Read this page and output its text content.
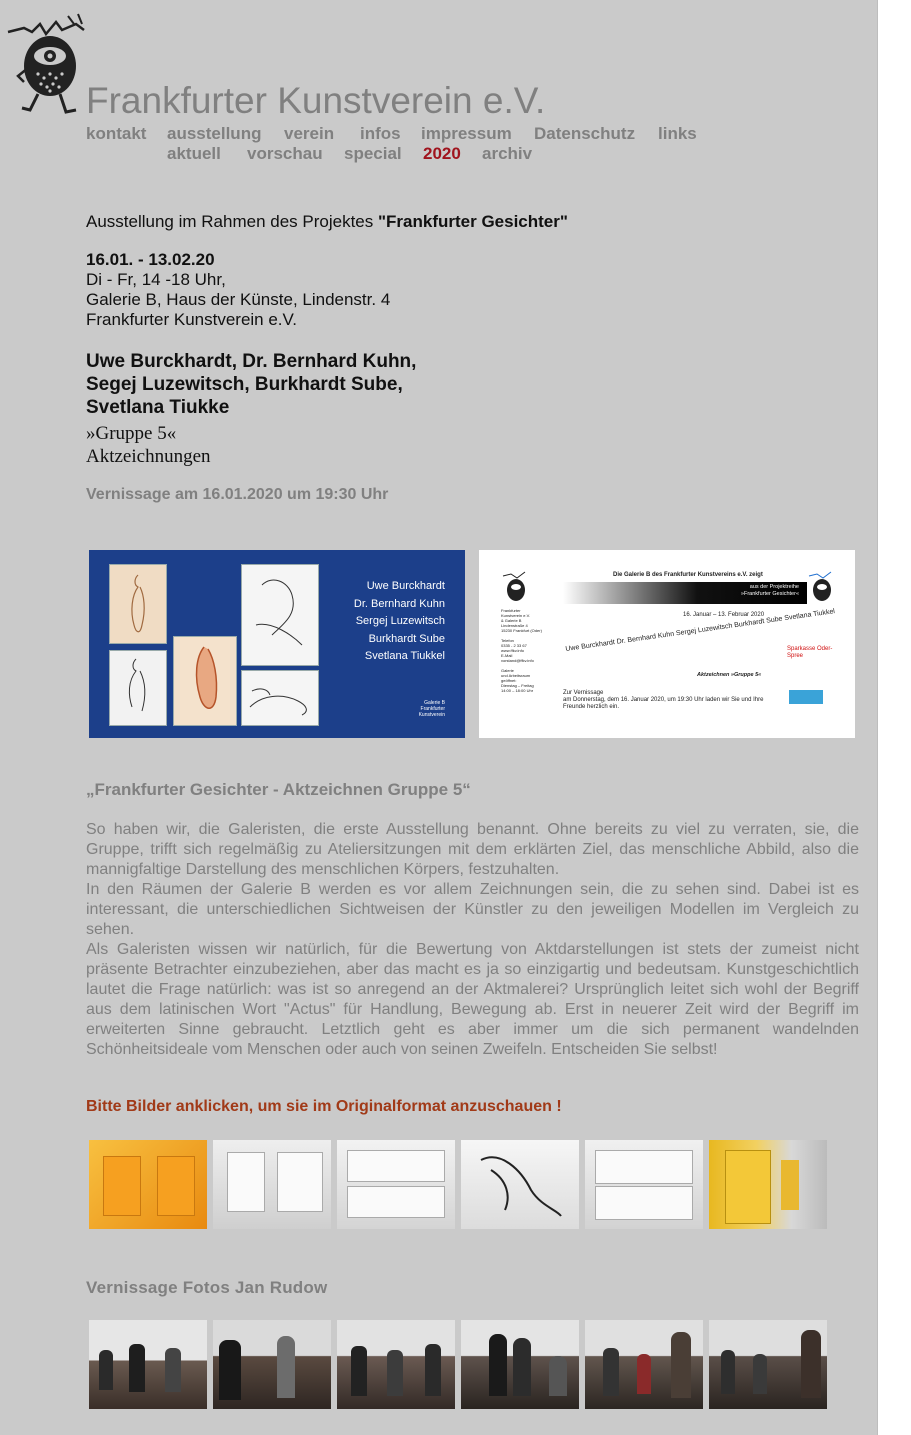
Frankfurter Kunstverein e.V.
kontakt ausstellung verein infos impressum Datenschutz links
aktuell vorschau special 2020 archiv
Ausstellung im Rahmen des Projektes "Frankfurter Gesichter"
16.01. - 13.02.20
Di - Fr, 14 -18 Uhr,
Galerie B, Haus der Künste, Lindenstr. 4
Frankfurter Kunstverein e.V.
Uwe Burckhardt, Dr. Bernhard Kuhn,
Segej Luzewitsch, Burkhardt Sube,
Svetlana Tiukke
»Gruppe 5«
Aktzeichnungen
Vernissage am 16.01.2020 um 19:30 Uhr
Uwe Burckhardt
Dr. Bernhard Kuhn
Sergej Luzewitsch
Burkhardt Sube
Svetlana Tiukkel
Galerie B
Frankfurter
Kunstverein
Die Galerie B des Frankfurter Kunstvereins e.V. zeigt
aus der Projektreihe
»Frankfurter Gesichter«
16. Januar – 13. Februar 2020
Frankfurter
Kunstverein e.V.
& Galerie B
Lindenstraße 4
15230 Frankfurt (Oder)

Telefon
0335 - 2 33 67
www.ffkv.info
E-Mail
vorstand@ffkv.info

Galerie
und Arbeitsraum
geöffnet:
Dienstag – Freitag
14:00 – 18:00 Uhr
Uwe Burckhardt Dr. Bernhard Kuhn Sergej Luzewitsch Burkhardt Sube Svetlana Tiukkel
Aktzeichnen »Gruppe 5«
Zur Vernissage
am Donnerstag, dem 16. Januar 2020, um 19:30 Uhr laden wir Sie und Ihre Freunde herzlich ein.
Sparkasse Oder-Spree
„Frankfurter Gesichter - Aktzeichnen Gruppe 5“

So haben wir, die Galeristen, die erste Ausstellung benannt. Ohne bereits zu viel zu verraten, sie, die Gruppe, trifft sich regelmäßig zu Ateliersitzungen mit dem erklärten Ziel, das menschliche Abbild, also die mannigfaltige Darstellung des menschlichen Körpers, festzuhalten.

In den Räumen der Galerie B werden es vor allem Zeichnungen sein, die zu sehen sind. Dabei ist es interessant, die unterschiedlichen Sichtweisen der Künstler zu den jeweiligen Modellen im Vergleich zu sehen.

Als Galeristen wissen wir natürlich, für die Bewertung von Aktdarstellungen ist stets der zumeist nicht präsente Betrachter einzubeziehen, aber das macht es ja so einzigartig und bedeutsam. Kunstgeschichtlich lautet die Frage natürlich: was ist so anregend an der Aktmalerei? Ursprünglich leitet sich wohl der Begriff aus dem latinischen Wort "Actus" für Handlung, Bewegung ab. Erst in neuerer Zeit wird der Begriff im erweiterten Sinne gebraucht. Letztlich geht es aber immer um die sich permanent wandelnden Schönheitsideale vom Menschen oder auch von seinen Zweifeln. Entscheiden Sie selbst!

Bitte Bilder anklicken, um sie im Originalformat anzuschauen !
Vernissage Fotos Jan Rudow
